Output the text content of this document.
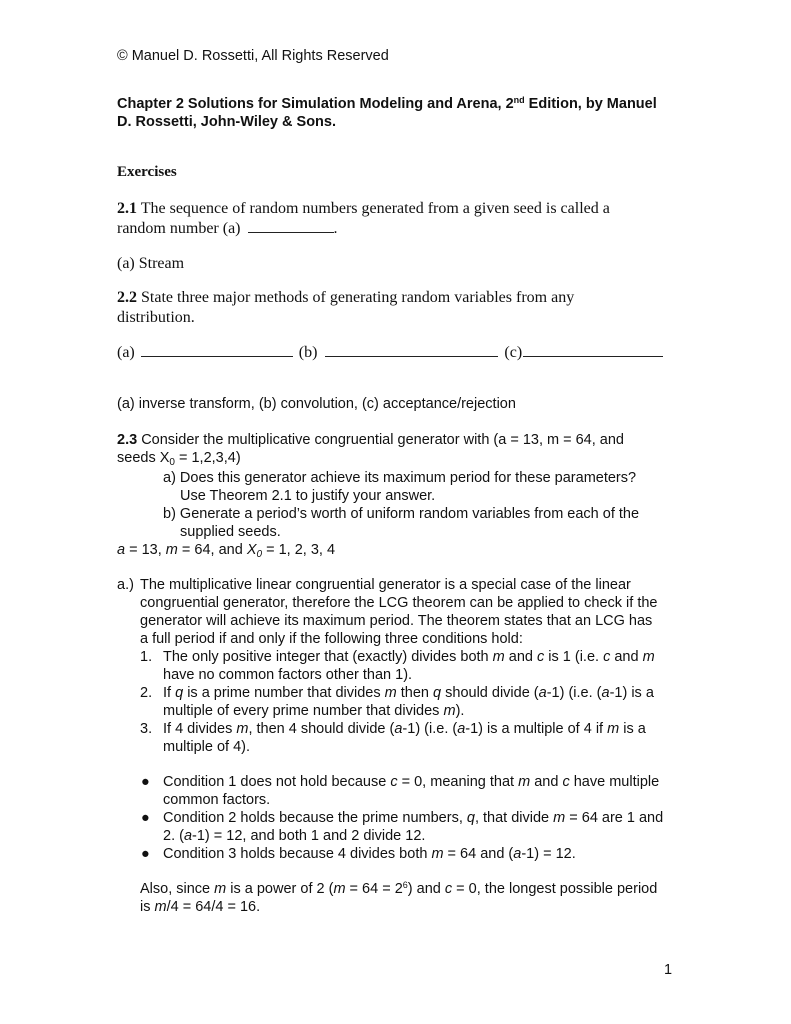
© Manuel D. Rossetti, All Rights Reserved
Chapter 2 Solutions for Simulation Modeling and Arena, 2nd Edition, by Manuel
D. Rossetti, John-Wiley & Sons.
Exercises
2.1 The sequence of random numbers generated from a given seed is called a
random number (a)	.
(a) Stream
2.2 State three major methods of generating random variables from any
distribution.
(a)	(b)	(c)
(a) inverse transform, (b) convolution, (c) acceptance/rejection
2.3 Consider the multiplicative congruential generator with (a = 13, m = 64, and
seeds $X_0 = 1,2,3,4$)
a) Does this generator achieve its maximum period for these parameters?
Use Theorem 2.1 to justify your answer.
b) Generate a period’s worth of uniform random variables from each of the
supplied seeds.
a = 13, m = 64, and $X_0 = 1$, 2, 3, 4
a.) The multiplicative linear congruential generator is a special case of the linear
congruential generator, therefore the LCG theorem can be applied to check if the
generator will achieve its maximum period. The theorem states that an LCG has
a full period if and only if the following three conditions hold:
1. The only positive integer that (exactly) divides both m and c is 1 (i.e. c and m
have no common factors other than 1).
2. If q is a prime number that divides m then q should divide (a-1) (i.e. (a-1) is a
multiple of every prime number that divides m).
3. If 4 divides m, then 4 should divide (a-1) (i.e. (a-1) is a multiple of 4 if m is a
multiple of 4).
● Condition 1 does not hold because c = 0, meaning that m and c have multiple
common factors.
● Condition 2 holds because the prime numbers, q, that divide m = 64 are 1 and
2. (a-1) = 12, and both 1 and 2 divide 12.
● Condition 3 holds because 4 divides both m = 64 and (a-1) = 12.
Also, since m is a power of 2 $(m = 64 = 2^6)$ and c = 0, the longest possible period
is m/4 = 64/4 = 16.
1
